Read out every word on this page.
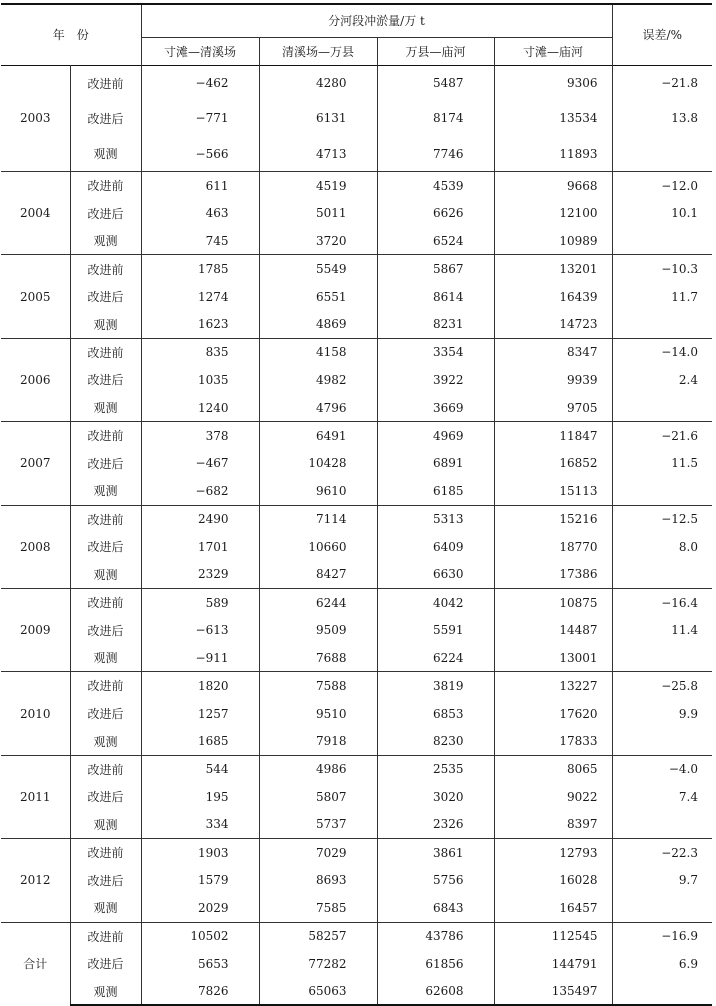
年　份		分河段冲淤量/万 t				误差/%
		寸滩—清溪场	清溪场—万县	万县—庙河	寸滩—庙河	
2003	改进前	−462	4280	5487	9306	−21.8
	改进后	−771	6131	8174	13534	13.8
	观测	−566	4713	7746	11893	
2004	改进前	611	4519	4539	9668	−12.0
	改进后	463	5011	6626	12100	10.1
	观测	745	3720	6524	10989	
2005	改进前	1785	5549	5867	13201	−10.3
	改进后	1274	6551	8614	16439	11.7
	观测	1623	4869	8231	14723	
2006	改进前	835	4158	3354	8347	−14.0
	改进后	1035	4982	3922	9939	2.4
	观测	1240	4796	3669	9705	
2007	改进前	378	6491	4969	11847	−21.6
	改进后	−467	10428	6891	16852	11.5
	观测	−682	9610	6185	15113	
2008	改进前	2490	7114	5313	15216	−12.5
	改进后	1701	10660	6409	18770	8.0
	观测	2329	8427	6630	17386	
2009	改进前	589	6244	4042	10875	−16.4
	改进后	−613	9509	5591	14487	11.4
	观测	−911	7688	6224	13001	
2010	改进前	1820	7588	3819	13227	−25.8
	改进后	1257	9510	6853	17620	9.9
	观测	1685	7918	8230	17833	
2011	改进前	544	4986	2535	8065	−4.0
	改进后	195	5807	3020	9022	7.4
	观测	334	5737	2326	8397	
2012	改进前	1903	7029	3861	12793	−22.3
	改进后	1579	8693	5756	16028	9.7
	观测	2029	7585	6843	16457	
合计	改进前	10502	58257	43786	112545	−16.9
	改进后	5653	77282	61856	144791	6.9
	观测	7826	65063	62608	135497	
